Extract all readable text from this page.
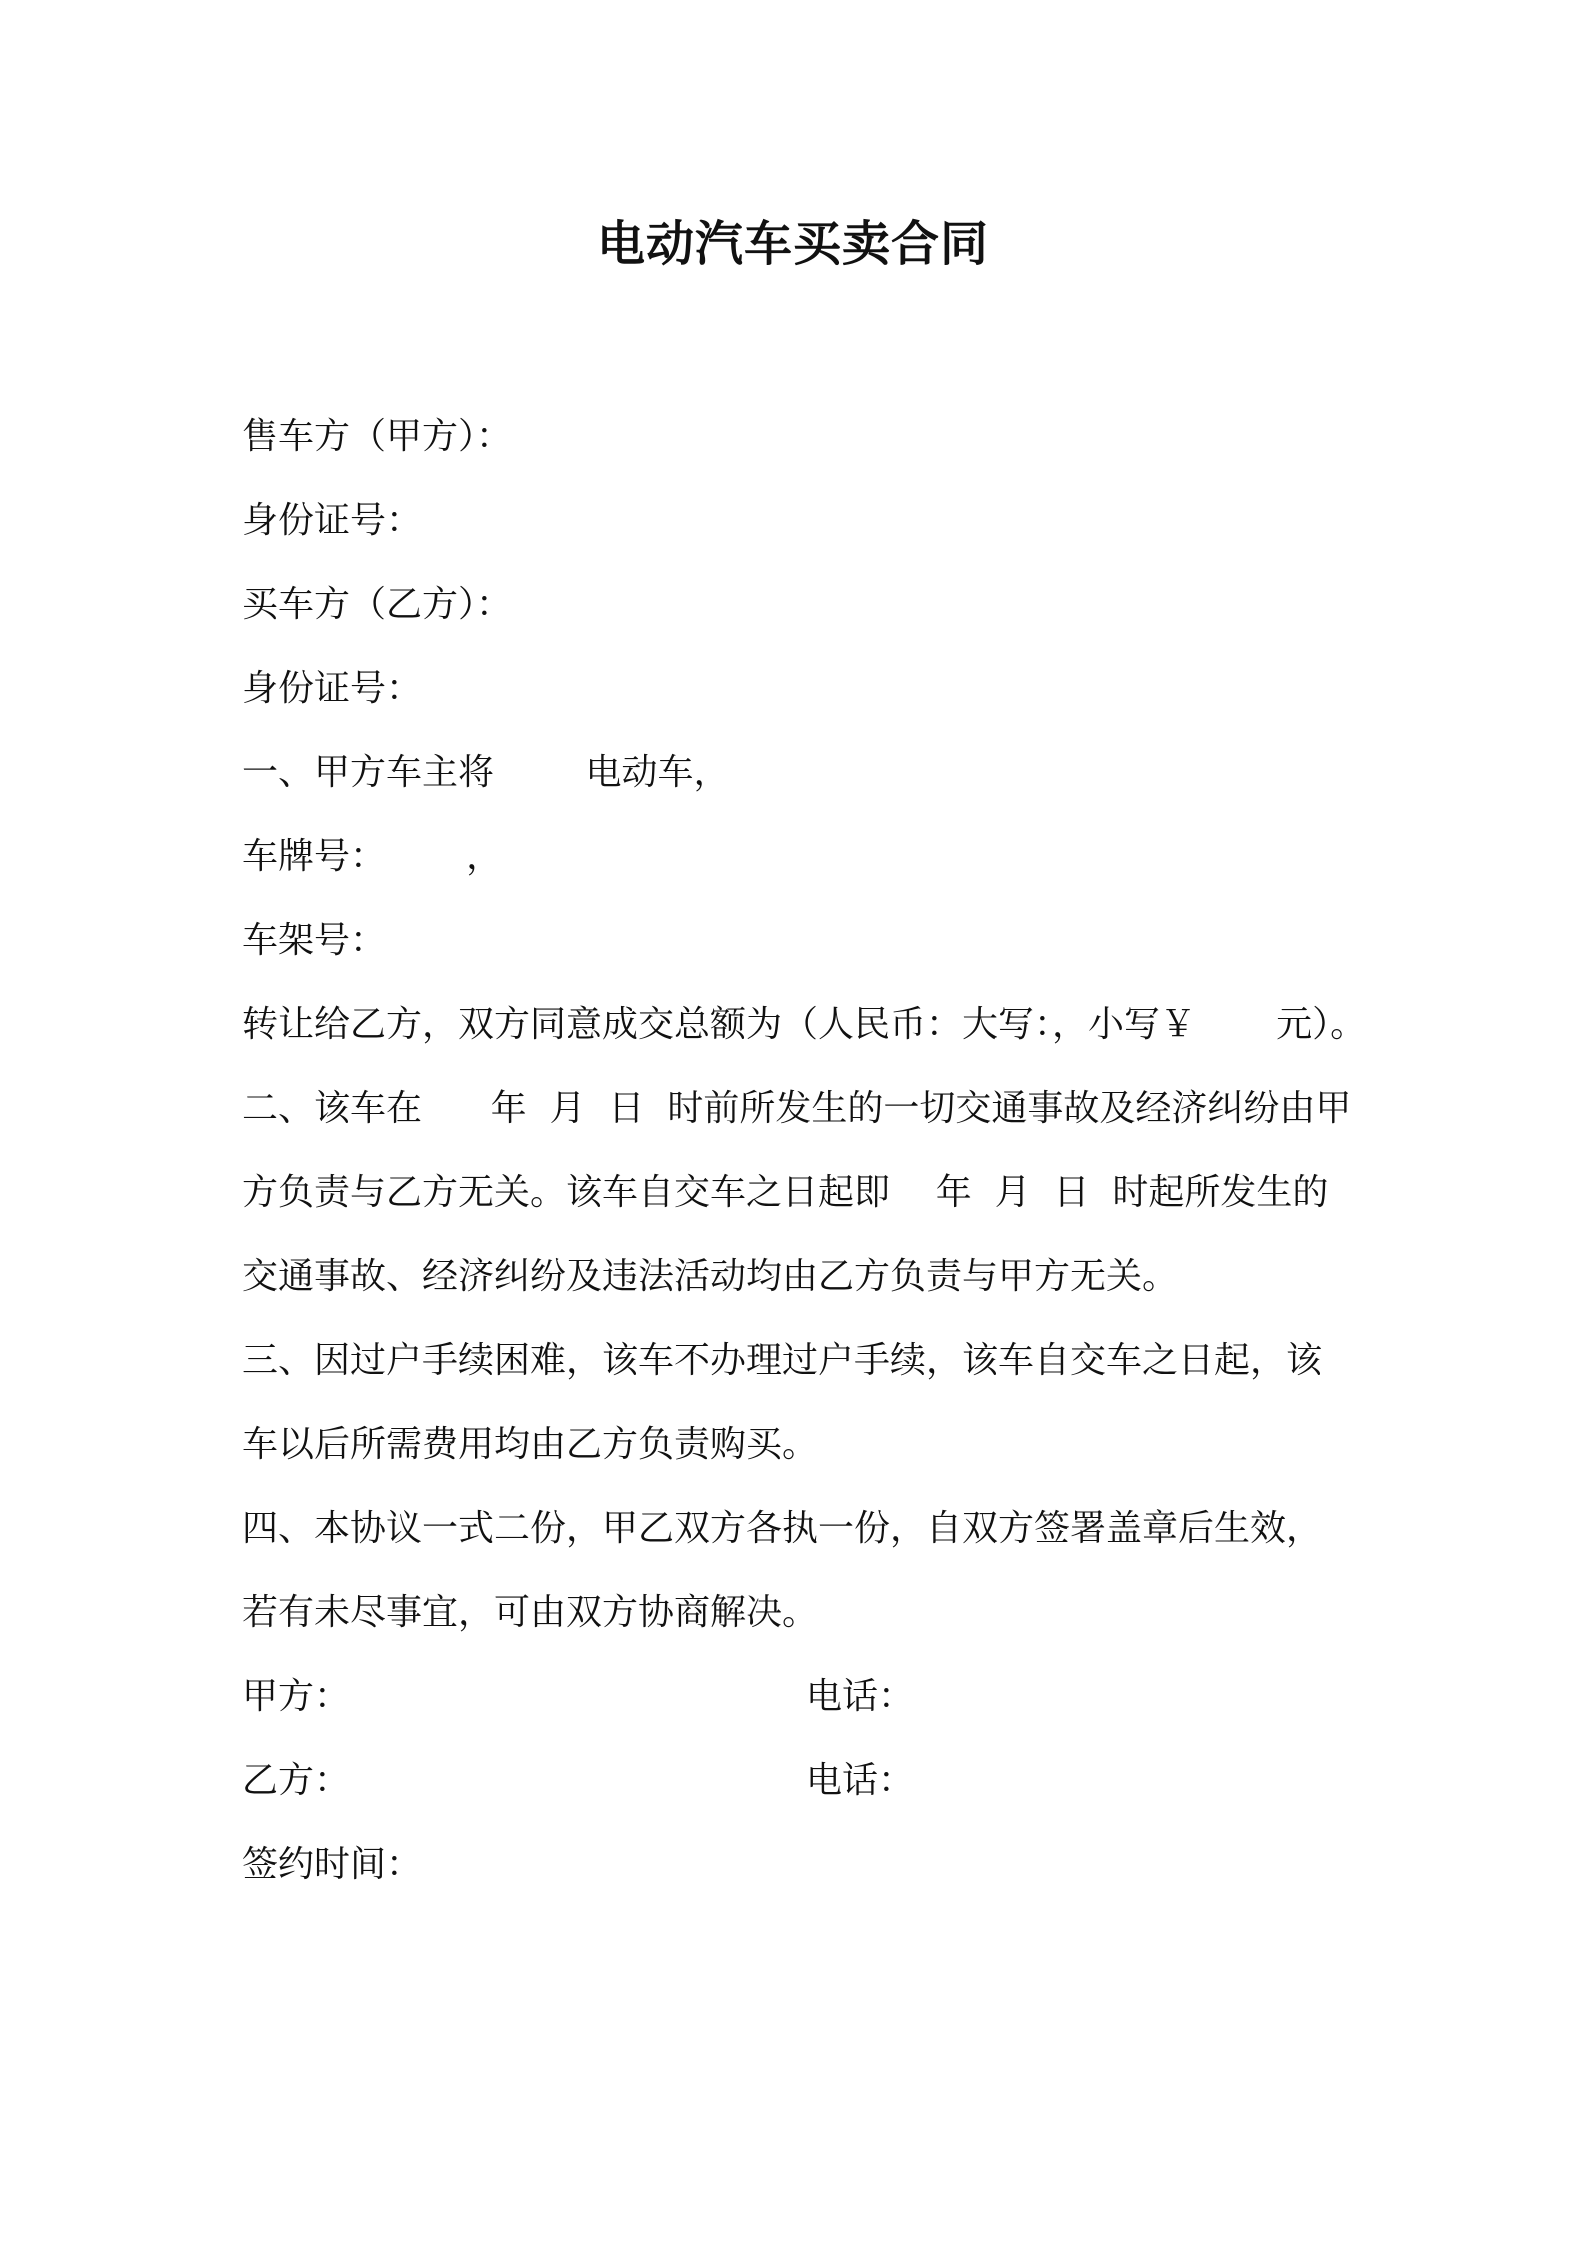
电动汽车买卖合同
售车方（甲方）：
身份证号：
买车方（乙方）：
身份证号：
一、甲方车主将        电动车，
车牌号：       ，
车架号：
转让给乙方，双方同意成交总额为（人民币：大写：，小写￥       元）。
二、该车在      年  月  日  时前所发生的一切交通事故及经济纠纷由甲
方负责与乙方无关。该车自交车之日起即    年  月  日  时起所发生的
交通事故、经济纠纷及违法活动均由乙方负责与甲方无关。
三、因过户手续困难，该车不办理过户手续，该车自交车之日起，该
车以后所需费用均由乙方负责购买。
四、本协议一式二份，甲乙双方各执一份，自双方签署盖章后生效，
若有未尽事宜，可由双方协商解决。
甲方：	电话：
乙方：	电话：
签约时间：
